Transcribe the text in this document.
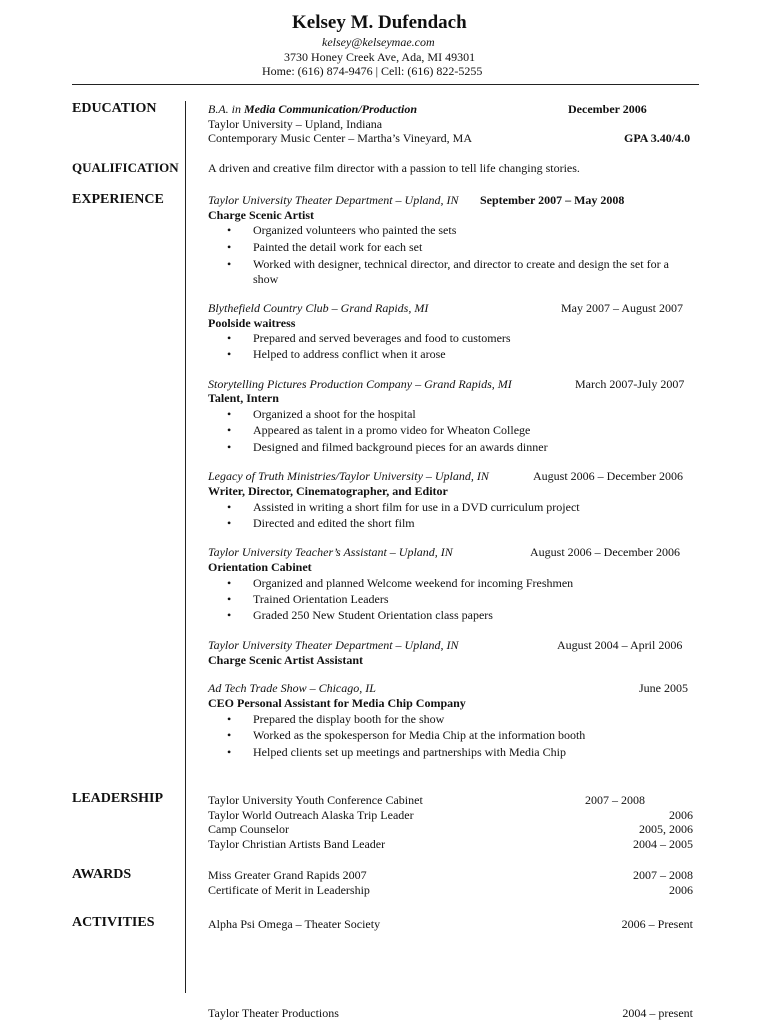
Kelsey M. Dufendach
kelsey@kelseymae.com
3730 Honey Creek Ave, Ada, MI 49301
Home: (616) 874-9476 | Cell: (616) 822-5255
EDUCATION	B.A. in Media Communication/Production	December 2006
Taylor University – Upland, Indiana
Contemporary Music Center – Martha’s Vineyard, MA	GPA 3.40/4.0
QUALIFICATION A driven and creative film director with a passion to tell life changing stories.
EXPERIENCE	Taylor University Theater Department – Upland, IN September 2007 – May 2008
Charge Scenic Artist
• Organized volunteers who painted the sets
• Painted the detail work for each set
• Worked with designer, technical director, and director to create and design the set for a
show
Blythefield Country Club – Grand Rapids, MI	May 2007 – August 2007
Poolside waitress
• Prepared and served beverages and food to customers
• Helped to address conflict when it arose
Storytelling Pictures Production Company – Grand Rapids, MI	March 2007-July 2007
Talent, Intern
• Organized a shoot for the hospital
• Appeared as talent in a promo video for Wheaton College
• Designed and filmed background pieces for an awards dinner
Legacy of Truth Ministries/Taylor University – Upland, IN	August 2006 – December 2006
Writer, Director, Cinematographer, and Editor
• Assisted in writing a short film for use in a DVD curriculum project
• Directed and edited the short film
Taylor University Teacher’s Assistant – Upland, IN	August 2006 – December 2006
Orientation Cabinet
• Organized and planned Welcome weekend for incoming Freshmen
• Trained Orientation Leaders
• Graded 250 New Student Orientation class papers
Taylor University Theater Department – Upland, IN	August 2004 – April 2006
Charge Scenic Artist Assistant
Ad Tech Trade Show – Chicago, IL	June 2005
CEO Personal Assistant for Media Chip Company
• Prepared the display booth for the show
• Worked as the spokesperson for Media Chip at the information booth
• Helped clients set up meetings and partnerships with Media Chip
LEADERSHIP	Taylor University Youth Conference Cabinet	2007 – 2008
Taylor World Outreach Alaska Trip Leader	2006
Camp Counselor	2005, 2006
Taylor Christian Artists Band Leader	2004 – 2005
AWARDS	Miss Greater Grand Rapids 2007	2007 – 2008
Certificate of Merit in Leadership	2006
ACTIVITIES	Alpha Psi Omega – Theater Society	2006 – Present
Taylor Theater Productions	2004 – present
